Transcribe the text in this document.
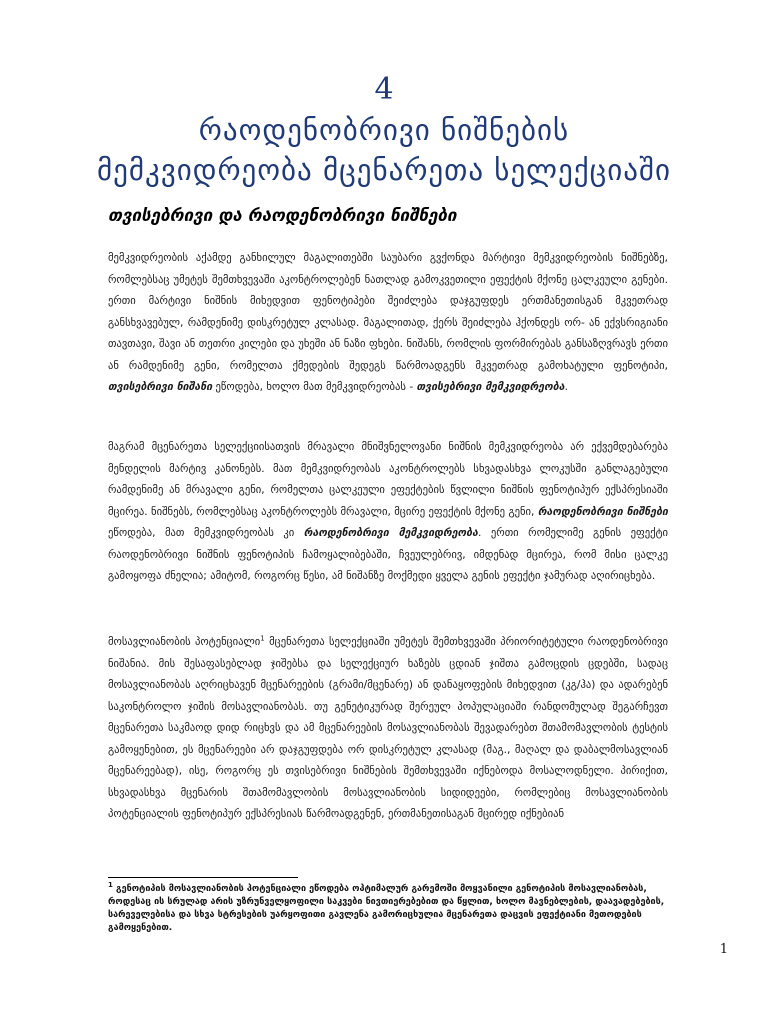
4
რაოდენობრივი ნიშნების
მემკვიდრეობა მცენარეთა სელექციაში
თვისებრივი და რაოდენობრივი ნიშნები
მემკვიდრეობის აქამდე განხილულ მაგალითებში საუბარი გვქონდა მარტივი მემკვიდრეობის ნიშნებზე, რომლებსაც უმეტეს შემთხვევაში აკონტროლებენ ნათლად გამოკვეთილი ეფექტის მქონე ცალკეული გენები. ერთი მარტივი ნიშნის მიხედვით ფენოტიპები შეიძლება დაჯგუფდეს ერთმანეთისგან მკვეთრად განსხვავებულ, რამდენიმე დისკრეტულ კლასად. მაგალითად, ქერს შეიძლება ჰქონდეს ორ- ან ექვსრიგიანი თავთავი, შავი ან თეთრი კილები და უხეში ან ნაზი ფხები. ნიშანს, რომლის ფორმირებას განსაზღვრავს ერთი ან რამდენიმე გენი, რომელთა ქმედების შედეგს წარმოადგენს მკვეთრად გამოხატული ფენოტიპი, თვისებრივი ნიშანი ეწოდება, ხოლო მათ მემკვიდრეობას - თვისებრივი მემკვიდრეობა.
მაგრამ მცენარეთა სელექციისათვის მრავალი მნიშვნელოვანი ნიშნის მემკვიდრეობა არ ექვემდებარება მენდელის მარტივ კანონებს. მათ მემკვიდრეობას აკონტროლებს სხვადასხვა ლოკუსში განლაგებული რამდენიმე ან მრავალი გენი, რომელთა ცალკეული ეფექტების წვლილი ნიშნის ფენოტიპურ ექსპრესიაში მცირეა. ნიშნებს, რომლებსაც აკონტროლებს მრავალი, მცირე ეფექტის მქონე გენი, რაოდენობრივი ნიშნები ეწოდება, მათ მემკვიდრეობას კი რაოდენობრივი მემკვიდრეობა. ერთი რომელიმე გენის ეფექტი რაოდენობრივი ნიშნის ფენოტიპის ჩამოყალიბებაში, ჩვეულებრივ, იმდენად მცირეა, რომ მისი ცალკე გამოყოფა ძნელია; ამიტომ, როგორც წესი, ამ ნიშანზე მოქმედი ყველა გენის ეფექტი ჯამურად აღირიცხება.
მოსავლიანობის პოტენციალი$^1$ მცენარეთა სელექციაში უმეტეს შემთხვევაში პრიორიტეტული რაოდენობრივი ნიშანია. მის შესაფასებლად ჯიშებსა და სელექციურ ხაზებს ცდიან ჯიშთა გამოცდის ცდებში, სადაც მოსავლიანობას აღრიცხავენ მცენარეების (გრამი/მცენარე) ან დანაყოფების მიხედვით (კგ/ჰა) და ადარებენ საკონტროლო ჯიშის მოსავლიანობას. თუ გენეტიკურად შერეულ პოპულაციაში რანდომულად შეგარჩევთ მცენარეთა საკმაოდ დიდ რიცხვს და ამ მცენარეების მოსავლიანობას შევადარებთ შთამომავლობის ტესტის გამოყენებით, ეს მცენარეები არ დაჯგუფდება ორ დისკრეტულ კლასად (მაგ., მაღალ და დაბალმოსავლიან მცენარეებად), ისე, როგორც ეს თვისებრივი ნიშნების შემთხვევაში იქნებოდა მოსალოდნელი. პირიქით, სხვადასხვა მცენარის შთამომავლობის მოსავლიანობის სიდიდეები, რომლებიც მოსავლიანობის პოტენციალის ფენოტიპურ ექსპრესიას წარმოადგენენ, ერთმანეთისაგან მცირედ იქნებიან
$^1$ გენოტიპის მოსავლიანობის პოტენციალი ეწოდება ოპტიმალურ გარემოში მოყვანილი გენოტიპის მოსავლიანობას, როდესაც ის სრულად არის უზრუნველყოფილი საკვები ნივთიერებებით და წყლით, ხოლო მავნებლების, დაავადებების, სარეველებისა და სხვა სტრესების უარყოფითი გავლენა გამორიცხულია მცენარეთა დაცვის ეფექტიანი მეთოდების გამოყენებით.
1
